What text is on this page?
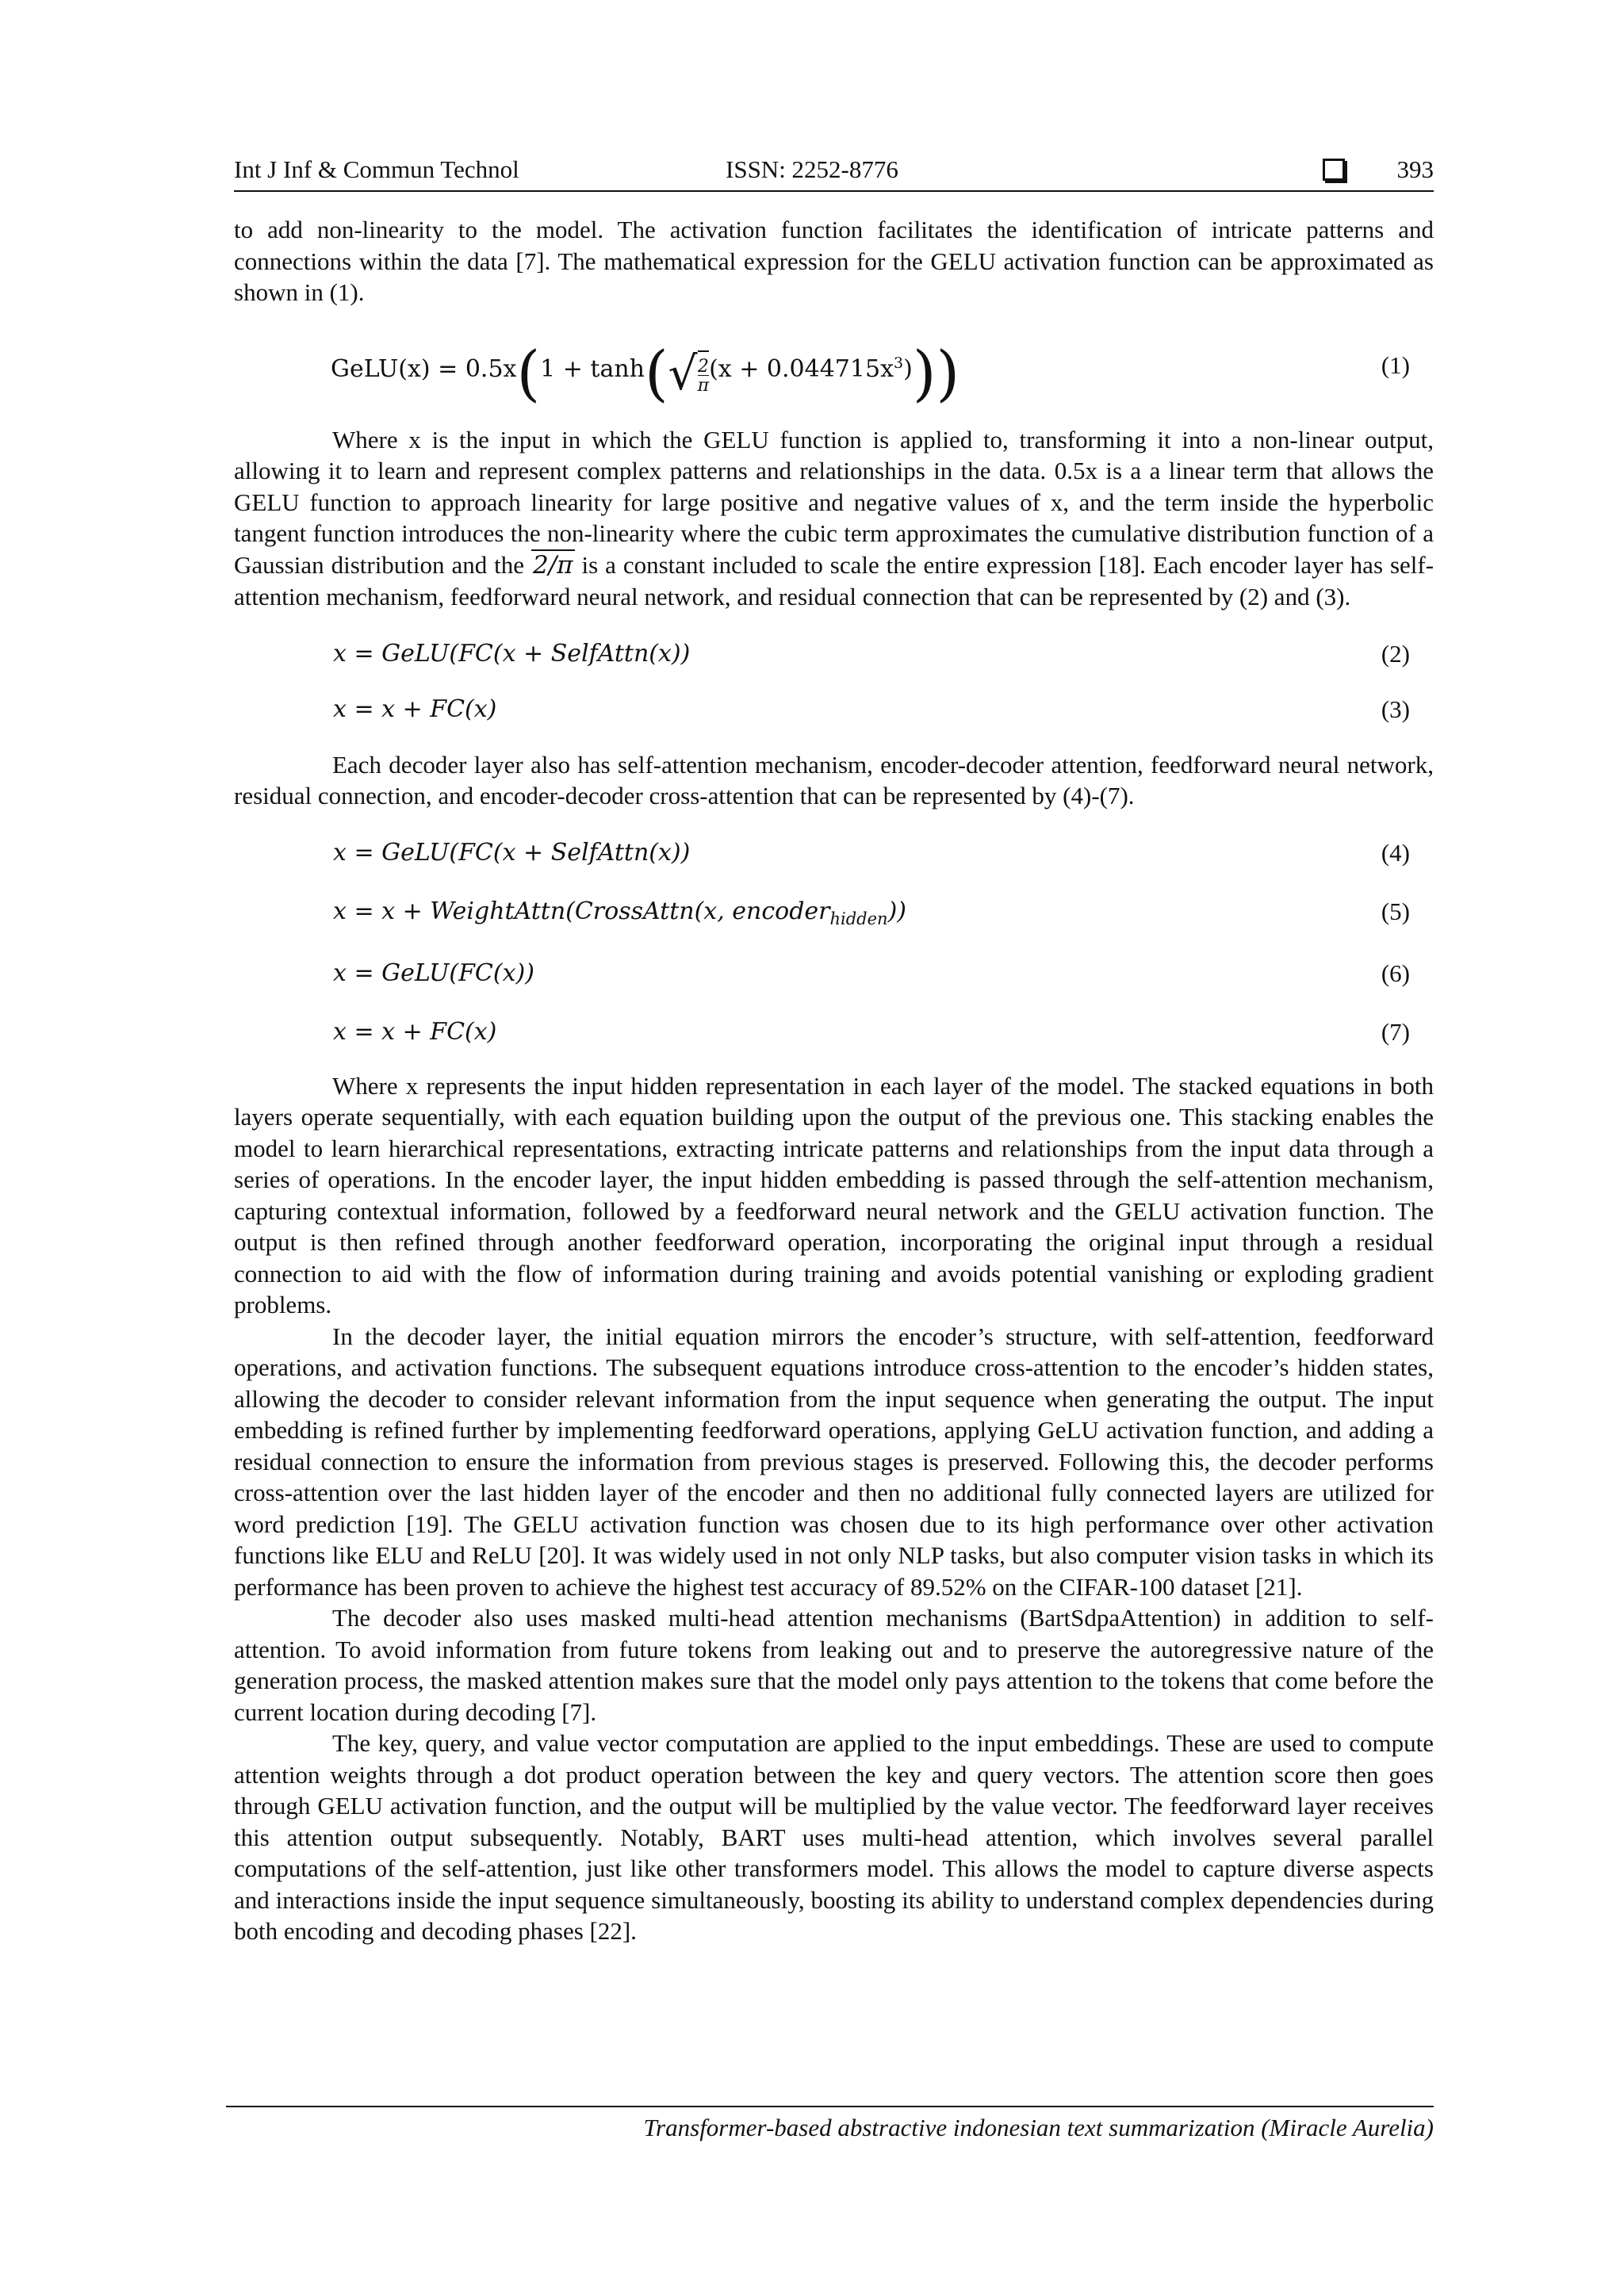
Int J Inf & Commun Technol	ISSN: 2252-8776	393

to add non-linearity to the model. The activation function facilitates the identification of intricate patterns and connections within the data [7]. The mathematical expression for the GELU activation function can be approximated as shown in (1).

GeLU(x) = $0.5x(1 + \tanh(√\frac{2}{\pi}(x + 0.044715x^3)))$	(1)

Where x is the input in which the GELU function is applied to, transforming it into a non-linear output, allowing it to learn and represent complex patterns and relationships in the data. 0.5x is a a linear term that allows the GELU function to approach linearity for large positive and negative values of x, and the term inside the hyperbolic tangent function introduces the non-linearity where the cubic term approximates the cumulative distribution function of a Gaussian distribution and the 2/π is a constant included to scale the entire expression [18]. Each encoder layer has self-attention mechanism, feedforward neural network, and residual connection that can be represented by (2) and (3).

x = GeLU(FC(x + SelfAttn(x))	(2)
x = x + FC(x)	(3)

Each decoder layer also has self-attention mechanism, encoder-decoder attention, feedforward neural network, residual connection, and encoder-decoder cross-attention that can be represented by (4)-(7).

x = GeLU(FC(x + SelfAttn(x))	(4)
x = x + WeightAttn(CrossAttn(x, encoder$_{hidden}$))	(5)
x = GeLU(FC(x))	(6)
x = x + FC(x)	(7)

Where x represents the input hidden representation in each layer of the model. The stacked equations in both layers operate sequentially, with each equation building upon the output of the previous one. This stacking enables the model to learn hierarchical representations, extracting intricate patterns and relationships from the input data through a series of operations. In the encoder layer, the input hidden embedding is passed through the self-attention mechanism, capturing contextual information, followed by a feedforward neural network and the GELU activation function. The output is then refined through another feedforward operation, incorporating the original input through a residual connection to aid with the flow of information during training and avoids potential vanishing or exploding gradient problems.

In the decoder layer, the initial equation mirrors the encoder’s structure, with self-attention, feedforward operations, and activation functions. The subsequent equations introduce cross-attention to the encoder’s hidden states, allowing the decoder to consider relevant information from the input sequence when generating the output. The input embedding is refined further by implementing feedforward operations, applying GeLU activation function, and adding a residual connection to ensure the information from previous stages is preserved. Following this, the decoder performs cross-attention over the last hidden layer of the encoder and then no additional fully connected layers are utilized for word prediction [19]. The GELU activation function was chosen due to its high performance over other activation functions like ELU and ReLU [20]. It was widely used in not only NLP tasks, but also computer vision tasks in which its performance has been proven to achieve the highest test accuracy of 89.52% on the CIFAR-100 dataset [21].

The decoder also uses masked multi-head attention mechanisms (BartSdpaAttention) in addition to self-attention. To avoid information from future tokens from leaking out and to preserve the autoregressive nature of the generation process, the masked attention makes sure that the model only pays attention to the tokens that come before the current location during decoding [7].

The key, query, and value vector computation are applied to the input embeddings. These are used to compute attention weights through a dot product operation between the key and query vectors. The attention score then goes through GELU activation function, and the output will be multiplied by the value vector. The feedforward layer receives this attention output subsequently. Notably, BART uses multi-head attention, which involves several parallel computations of the self-attention, just like other transformers model. This allows the model to capture diverse aspects and interactions inside the input sequence simultaneously, boosting its ability to understand complex dependencies during both encoding and decoding phases [22].

Transformer-based abstractive indonesian text summarization (Miracle Aurelia)
